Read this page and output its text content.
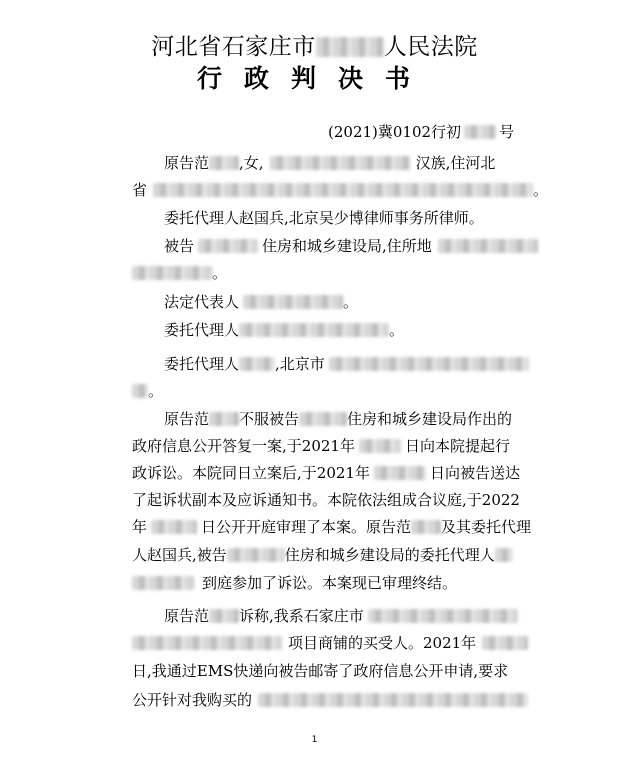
河北省石家庄市	人民法院
行政判决书
(2021)冀0102行初	号
原告范 ,女,	汉族,住河北
省	。
委托代理人赵国兵,北京吴少博律师事务所律师。
被告	住房和城乡建设局,住所地
。
法定代表人	。
委托代理人	。
委托代理人 ,北京市
。
原告范 不服被告	住房和城乡建设局作出的
政府信息公开答复一案,于2021年	日向本院提起行
政诉讼。本院同日立案后,于2021年	日向被告送达
了起诉状副本及应诉通知书。本院依法组成合议庭,于2022
年	日公开开庭审理了本案。原告范 及其委托代理
人赵国兵,被告	住房和城乡建设局的委托代理人
到庭参加了诉讼。本案现已审理终结。
原告范 诉称,我系石家庄市
项目商铺的买受人。2021年
日,我通过EMS快递向被告邮寄了政府信息公开申请,要求
公开针对我购买的
1
